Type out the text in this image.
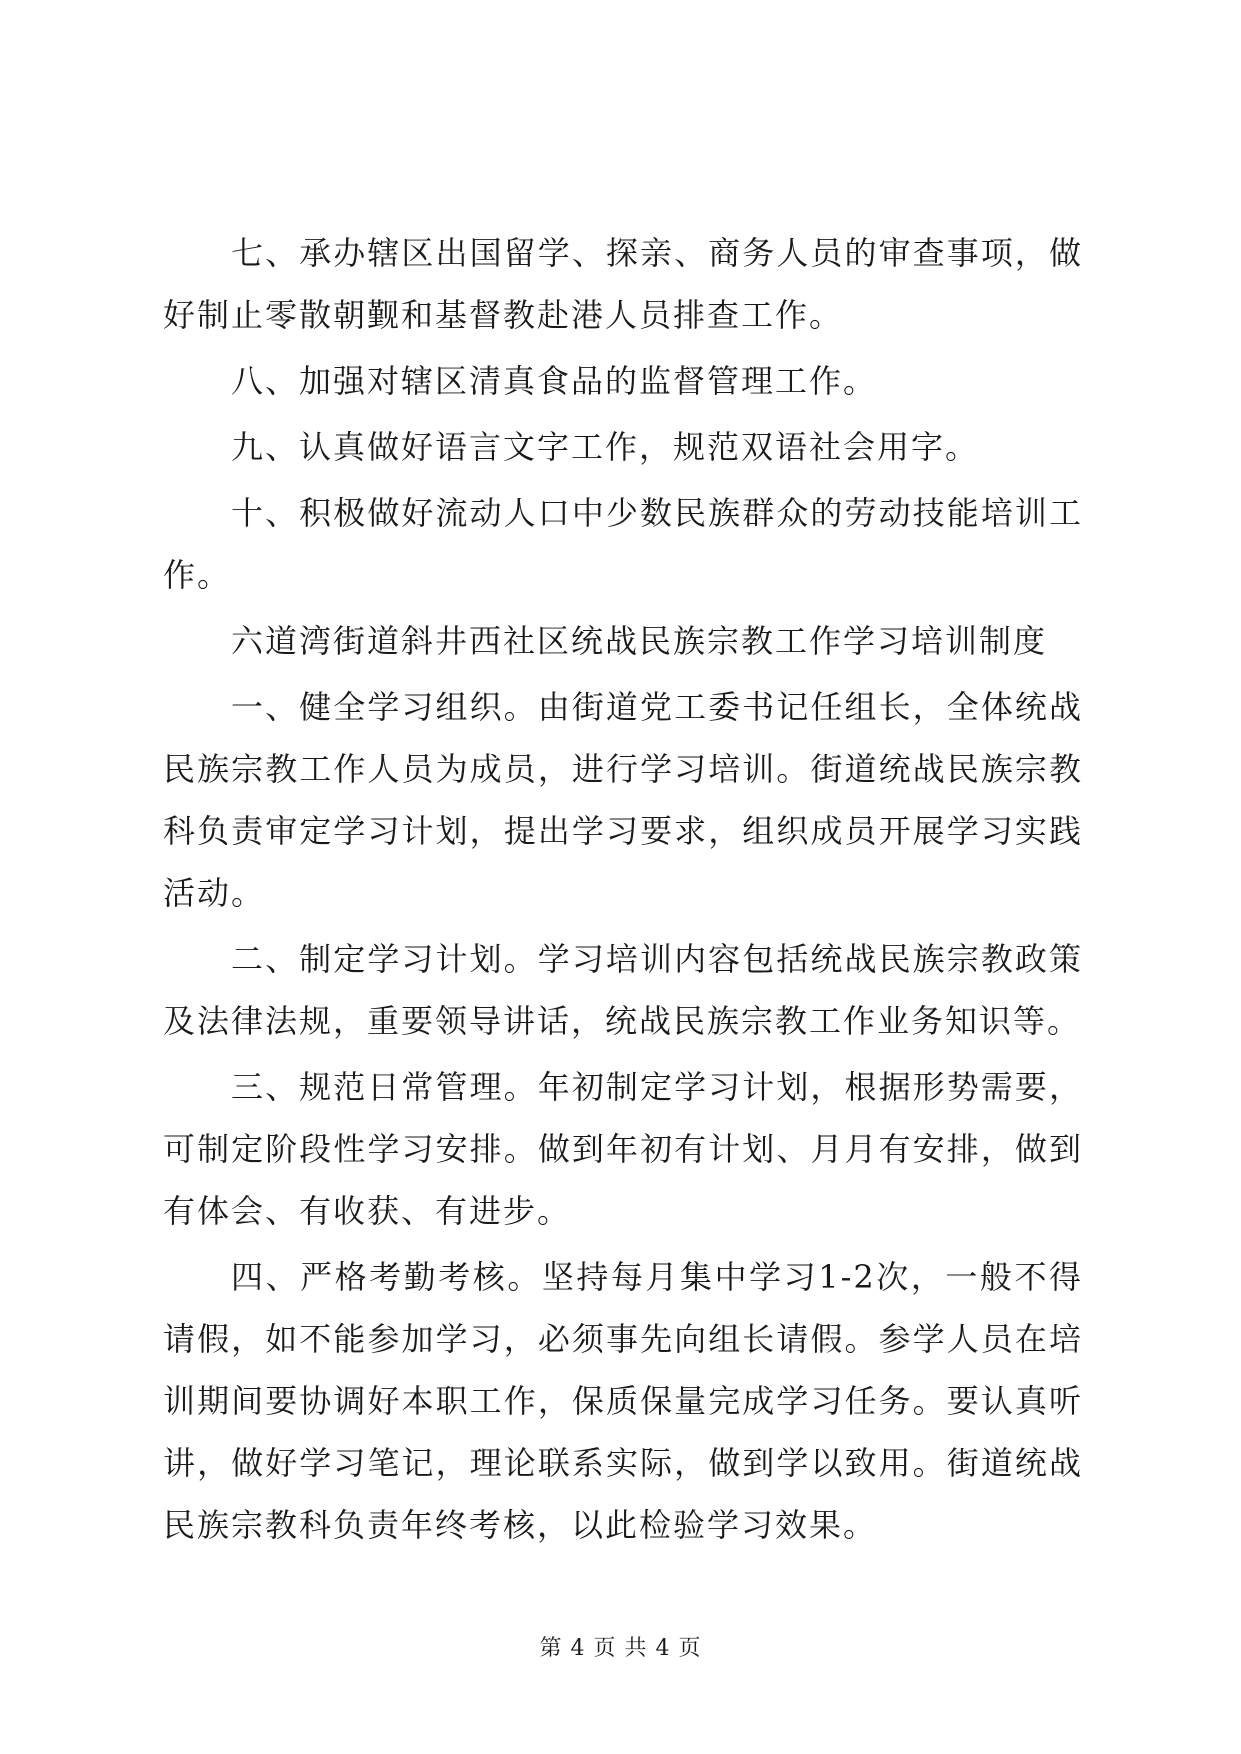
七、承办辖区出国留学、探亲、商务人员的审查事项，做好制止零散朝觐和基督教赴港人员排查工作。

八、加强对辖区清真食品的监督管理工作。

九、认真做好语言文字工作，规范双语社会用字。

十、积极做好流动人口中少数民族群众的劳动技能培训工作。

六道湾街道斜井西社区统战民族宗教工作学习培训制度

一、健全学习组织。由街道党工委书记任组长，全体统战民族宗教工作人员为成员，进行学习培训。街道统战民族宗教科负责审定学习计划，提出学习要求，组织成员开展学习实践活动。

二、制定学习计划。学习培训内容包括统战民族宗教政策及法律法规，重要领导讲话，统战民族宗教工作业务知识等。

三、规范日常管理。年初制定学习计划，根据形势需要，可制定阶段性学习安排。做到年初有计划、月月有安排，做到有体会、有收获、有进步。

四、严格考勤考核。坚持每月集中学习1-2次，一般不得请假，如不能参加学习，必须事先向组长请假。参学人员在培训期间要协调好本职工作，保质保量完成学习任务。要认真听讲，做好学习笔记，理论联系实际，做到学以致用。街道统战民族宗教科负责年终考核，以此检验学习效果。

第 4 页 共 4 页
